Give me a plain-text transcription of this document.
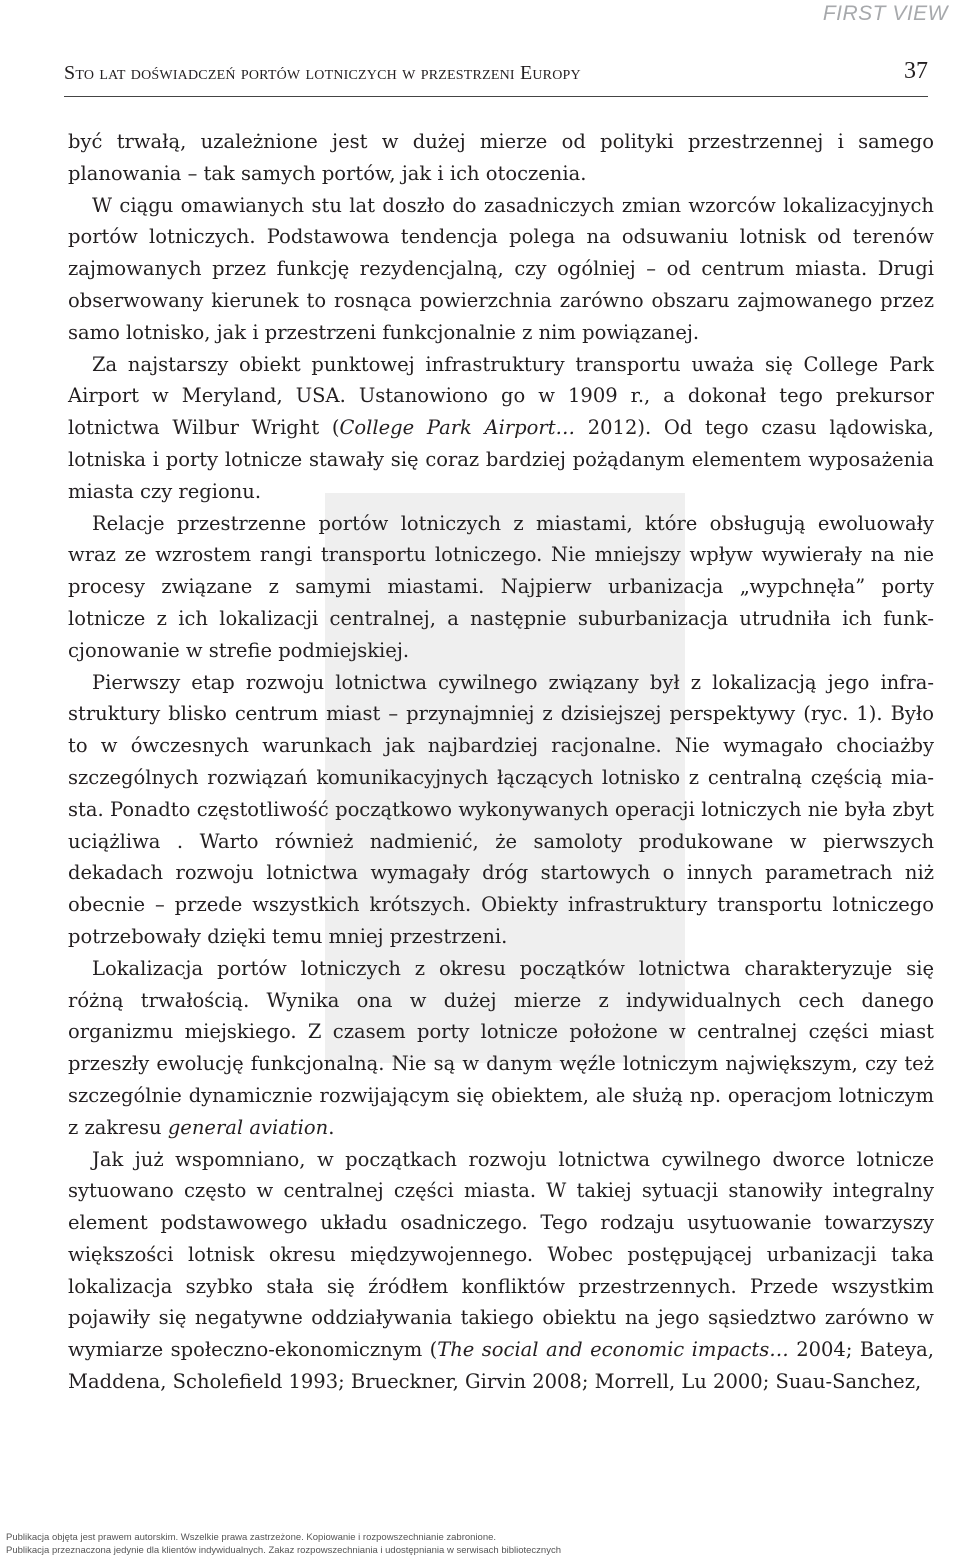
FIRST VIEW
Sto lat doświadczeń portów lotniczych w przestrzeni Europy	37

być trwałą, uzależnione jest w dużej mierze od polityki przestrzennej i samego planowania – tak samych portów, jak i ich otoczenia.

W ciągu omawianych stu lat doszło do zasadniczych zmian wzorców lokalizacyjnych portów lotniczych. Podstawowa tendencja polega na odsuwaniu lotnisk od terenów zajmowanych przez funkcję rezydencjalną, czy ogólniej – od centrum miasta. Drugi obserwowany kierunek to rosnąca powierzchnia zarówno obszaru zajmowanego przez samo lotnisko, jak i przestrzeni funkcjonalnie z nim powiązanej.

Za najstarszy obiekt punktowej infrastruktury transportu uważa się College Park Airport w Meryland, USA. Ustanowiono go w 1909 r., a dokonał tego prekursor lotnictwa Wilbur Wright (College Park Airport… 2012). Od tego czasu lądowiska, lotniska i porty lotnicze stawały się coraz bardziej pożądanym elementem wyposażenia miasta czy regionu.

Relacje przestrzenne portów lotniczych z miastami, które obsługują ewoluowały wraz ze wzrostem rangi transportu lotniczego. Nie mniejszy wpływ wywierały na nie procesy związane z samymi miastami. Najpierw urbanizacja „wypchnęła” porty lotnicze z ich lokalizacji centralnej, a następnie suburbanizacja utrudniła ich funkcjonowanie w strefie podmiejskiej.

Pierwszy etap rozwoju lotnictwa cywilnego związany był z lokalizacją jego infrastruktury blisko centrum miast – przynajmniej z dzisiejszej perspektywy (ryc. 1). Było to w ówczesnych warunkach jak najbardziej racjonalne. Nie wymagało chociażby szczególnych rozwiązań komunikacyjnych łączących lotnisko z centralną częścią miasta. Ponadto częstotliwość początkowo wykonywanych operacji lotniczych nie była zbyt uciążliwa . Warto również nadmienić, że samoloty produkowane w pierwszych dekadach rozwoju lotnictwa wymagały dróg startowych o innych parametrach niż obecnie – przede wszystkich krótszych. Obiekty infrastruktury transportu lotniczego potrzebowały dzięki temu mniej przestrzeni.

Lokalizacja portów lotniczych z okresu początków lotnictwa charakteryzuje się różną trwałością. Wynika ona w dużej mierze z indywidualnych cech danego organizmu miejskiego. Z czasem porty lotnicze położone w centralnej części miast przeszły ewolucję funkcjonalną. Nie są w danym węźle lotniczym największym, czy też szczególnie dynamicznie rozwijającym się obiektem, ale służą np. operacjom lotniczym z zakresu general aviation.

Jak już wspomniano, w początkach rozwoju lotnictwa cywilnego dworce lotnicze sytuowano często w centralnej części miasta. W takiej sytuacji stanowiły integralny element podstawowego układu osadniczego. Tego rodzaju usytuowanie towarzyszy większości lotnisk okresu międzywojennego. Wobec postępującej urbanizacji taka lokalizacja szybko stała się źródłem konfliktów przestrzennych. Przede wszystkim pojawiły się negatywne oddziaływania takiego obiektu na jego sąsiedztwo zarówno w wymiarze społeczno-ekonomicznym (The social and economic impacts… 2004; Bateya, Maddena, Scholefield 1993; Brueckner, Girvin 2008; Morrell, Lu 2000; Suau-Sanchez,

Publikacja objęta jest prawem autorskim. Wszelkie prawa zastrzeżone. Kopiowanie i rozpowszechnianie zabronione.
Publikacja przeznaczona jedynie dla klientów indywidualnych. Zakaz rozpowszechniania i udostępniania w serwisach bibliotecznych
